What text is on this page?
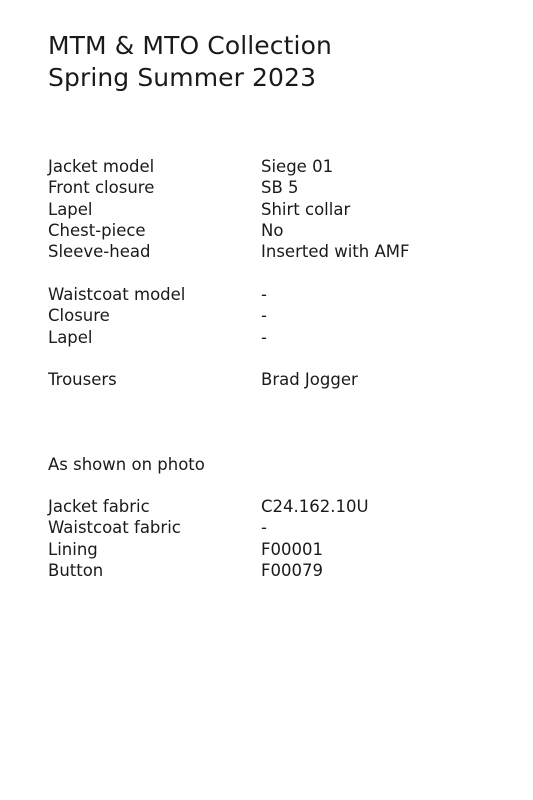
MTM & MTO Collection
Spring Summer 2023
Jacket model	Siege 01
Front closure	SB 5
Lapel	Shirt collar
Chest-piece	No
Sleeve-head	Inserted with AMF
Waistcoat model	-
Closure	-
Lapel	-
Trousers	Brad Jogger
As shown on photo
Jacket fabric	C24.162.10U
Waistcoat fabric	-
Lining	F00001
Button	F00079
